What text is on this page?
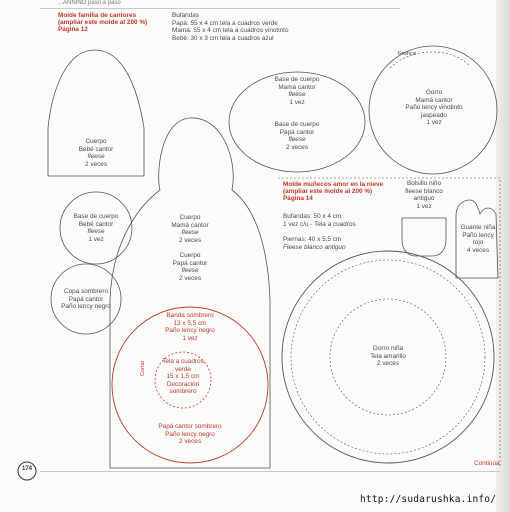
...ANNINO paso a paso
Molde familia de cantores
(ampliar este molde al 200 %)
Página 12
Bufandas
Papá: 55 x 4 cm tela a cuadros verde
Mamá: 55 x 4 cm tela a cuadros vinotinto
Bebé: 30 x 3 cm tela a cuadros azul
Cuerpo
Bebé cantor
fleese
2 veces
Cuerpo
Mamá cantor
fleese
2 veces
Cuerpo
Papá cantor
fleese
2 veces
Base de cuerpo
Mamá cantor
fleese
1 vez
Base de cuerpo
Papá cantor
fleese
2 veces
Frunce
Gorro
Mamá cantor
Paño lency vinotinto
jaspeado
1 vez
Base de cuerpo
Bebé cantor
fleese
1 vez
Copa sombrero
Papá cantor
Paño lency negro
Banda sombrero
13 x 5,5 cm
Paño lency negro
1 vez
Tela a cuadros
verde
15 x 1,5 cm
Decoración
sombrero
Cortar
Papá cantor sombrero
Paño lency negro
2 veces
Molde muñecos amor en la nieve
(ampliar este molde al 200 %)
Página 14
Bufandas: 50 x 4 cm
1 vez c/u - Tela a cuadros
Piernas: 40 x 5,5 cm
Fleese blanco antiguo
Bolsillo niño
fleese blanco
antiguo
1 vez
Guante niña
Paño lency
rojo
4 veces
Gorro niña
Tela amarillo
2 veces
Continúa
174
http://sudarushka.info/
